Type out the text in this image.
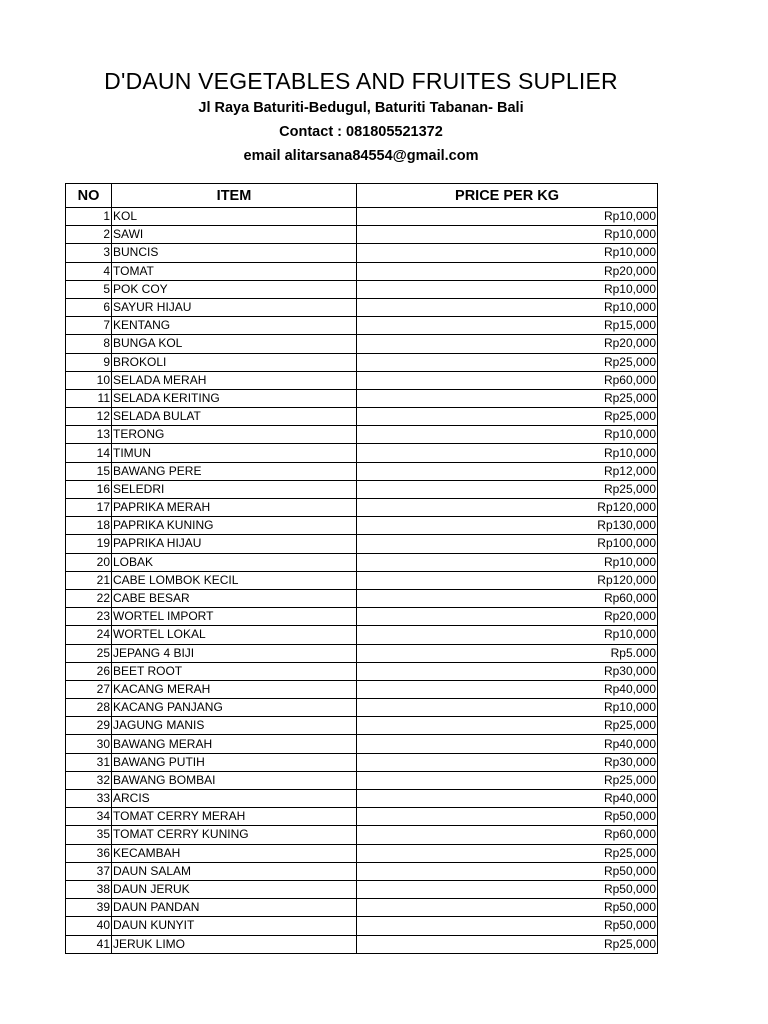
D'DAUN VEGETABLES AND FRUITES SUPLIER

Jl Raya Baturiti-Bedugul, Baturiti Tabanan- Bali

Contact : 081805521372

email alitarsana84554@gmail.com

NO	ITEM	PRICE PER KG
1	KOL	Rp10,000
2	SAWI	Rp10,000
3	BUNCIS	Rp10,000
4	TOMAT	Rp20,000
5	POK COY	Rp10,000
6	SAYUR HIJAU	Rp10,000
7	KENTANG	Rp15,000
8	BUNGA KOL	Rp20,000
9	BROKOLI	Rp25,000
10	SELADA MERAH	Rp60,000
11	SELADA KERITING	Rp25,000
12	SELADA BULAT	Rp25,000
13	TERONG	Rp10,000
14	TIMUN	Rp10,000
15	BAWANG PERE	Rp12,000
16	SELEDRI	Rp25,000
17	PAPRIKA MERAH	Rp120,000
18	PAPRIKA KUNING	Rp130,000
19	PAPRIKA HIJAU	Rp100,000
20	LOBAK	Rp10,000
21	CABE LOMBOK KECIL	Rp120,000
22	CABE BESAR	Rp60,000
23	WORTEL IMPORT	Rp20,000
24	WORTEL LOKAL	Rp10,000
25	JEPANG 4 BIJI	Rp5.000
26	BEET ROOT	Rp30,000
27	KACANG MERAH	Rp40,000
28	KACANG PANJANG	Rp10,000
29	JAGUNG MANIS	Rp25,000
30	BAWANG MERAH	Rp40,000
31	BAWANG PUTIH	Rp30,000
32	BAWANG BOMBAI	Rp25,000
33	ARCIS	Rp40,000
34	TOMAT CERRY MERAH	Rp50,000
35	TOMAT CERRY KUNING	Rp60,000
36	KECAMBAH	Rp25,000
37	DAUN SALAM	Rp50,000
38	DAUN JERUK	Rp50,000
39	DAUN PANDAN	Rp50,000
40	DAUN KUNYIT	Rp50,000
41	JERUK LIMO	Rp25,000
